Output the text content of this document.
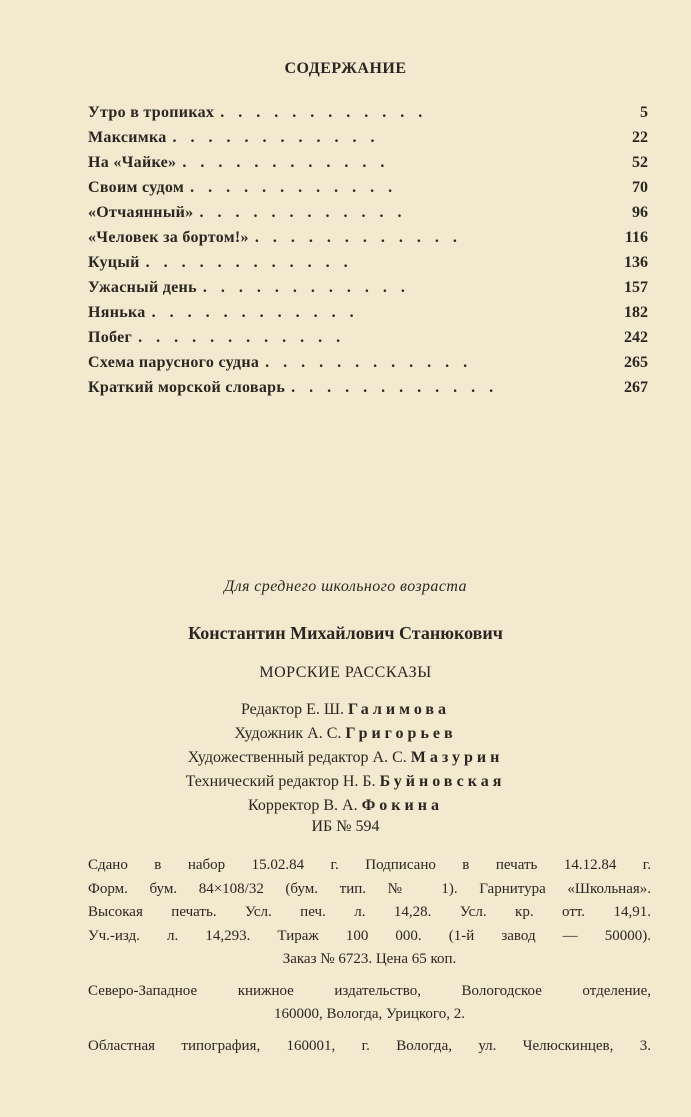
СОДЕРЖАНИЕ
Утро в тропиках ............	5
Максимка ............	22
На «Чайке» ............	52
Своим судом ............	70
«Отчаянный» ............	96
«Человек за бортом!» ............	116
Куцый ............	136
Ужасный день ............	157
Нянька ............	182
Побег ............	242
Схема парусного судна ............	265
Краткий морской словарь ............	267
Для среднего школьного возраста
Константин Михайлович Станюкович
МОРСКИЕ РАССКАЗЫ
Редактор Е. Ш. Галимова
Художник А. С. Григорьев
Художественный редактор А. С. Мазурин
Технический редактор Н. Б. Буйновская
Корректор В. А. Фокина
ИБ № 594
Сдано в набор 15.02.84 г. Подписано в печать 14.12.84 г.
Форм. бум. 84×108/32 (бум. тип. № 1). Гарнитура «Школьная».
Высокая печать. Усл. печ. л. 14,28. Усл. кр. отт. 14,91.
Уч.-изд. л. 14,293. Тираж 100 000. (1-й завод — 50000).
Заказ № 6723. Цена 65 коп.
Северо-Западное книжное издательство, Вологодское отделение,
160000, Вологда, Урицкого, 2.
Областная типография, 160001, г. Вологда, ул. Челюскинцев, 3.
